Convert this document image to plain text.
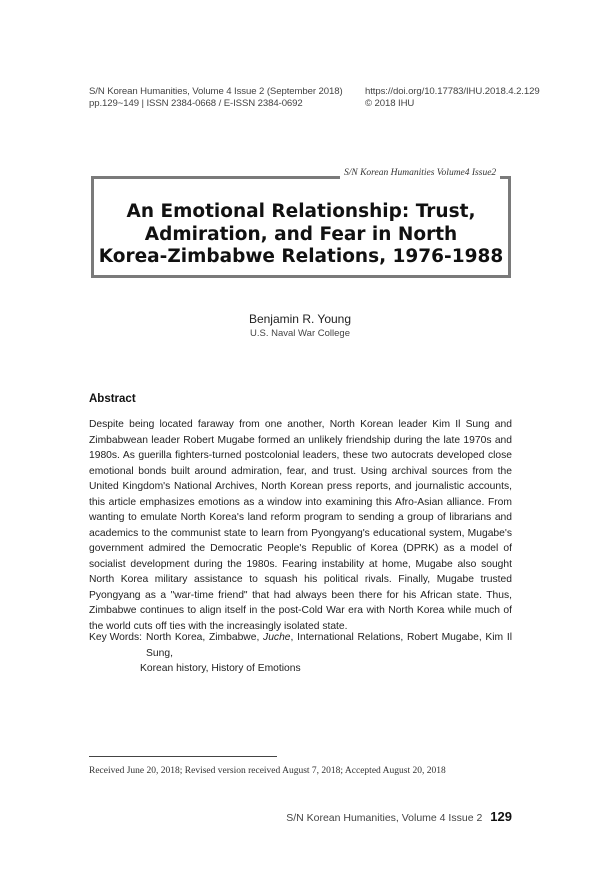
S/N Korean Humanities, Volume 4 Issue 2 (September 2018)
pp.129~149 | ISSN 2384-0668 / E-ISSN 2384-0692
https://doi.org/10.17783/IHU.2018.4.2.129
© 2018 IHU
An Emotional Relationship: Trust,
Admiration, and Fear in North
Korea-Zimbabwe Relations, 1976-1988
S/N Korean Humanities Volume4 Issue2
Benjamin R. Young
U.S. Naval War College
Abstract
Despite being located faraway from one another, North Korean leader Kim Il Sung and Zimbabwean leader Robert Mugabe formed an unlikely friendship during the late 1970s and 1980s. As guerilla fighters-turned postcolonial leaders, these two autocrats developed close emotional bonds built around admiration, fear, and trust. Using archival sources from the United Kingdom's National Archives, North Korean press reports, and journalistic accounts, this article emphasizes emotions as a window into examining this Afro-Asian alliance. From wanting to emulate North Korea's land reform program to sending a group of librarians and academics to the communist state to learn from Pyongyang's educational system, Mugabe's government admired the Democratic People's Republic of Korea (DPRK) as a model of socialist development during the 1980s. Fearing instability at home, Mugabe also sought North Korea military assistance to squash his political rivals. Finally, Mugabe trusted Pyongyang as a "war-time friend" that had always been there for his African state. Thus, Zimbabwe continues to align itself in the post-Cold War era with North Korea while much of the world cuts off ties with the increasingly isolated state.
Key Words: North Korea, Zimbabwe, Juche, International Relations, Robert Mugabe, Kim Il Sung,
Korean history, History of Emotions
Received June 20, 2018; Revised version received August 7, 2018; Accepted August 20, 2018
S/N Korean Humanities, Volume 4 Issue 2 129
